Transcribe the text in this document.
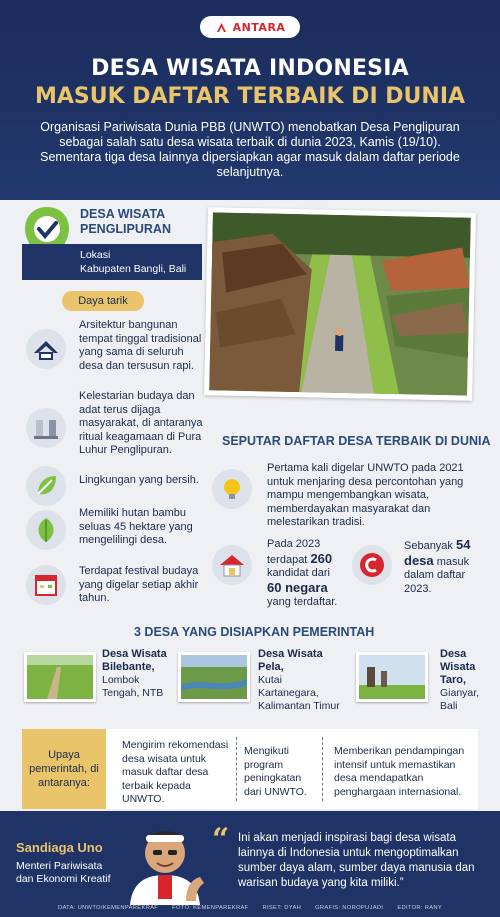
ANTARA
DESA WISATA INDONESIA
MASUK DAFTAR TERBAIK DI DUNIA
Organisasi Pariwisata Dunia PBB (UNWTO) menobatkan Desa Penglipuran sebagai salah satu desa wisata terbaik di dunia 2023, Kamis (19/10). Sementara tiga desa lainnya dipersiapkan agar masuk dalam daftar periode selanjutnya.
DESA WISATA
PENGLIPURAN
Lokasi
Kabupaten Bangli, Bali
Daya tarik
Arsitektur bangunan tempat tinggal tradisional yang sama di seluruh desa dan tersusun rapi.
Kelestarian budaya dan adat terus dijaga masyarakat, di antaranya ritual keagamaan di Pura Luhur Penglipuran.
Lingkungan yang bersih.
Memiliki hutan bambu seluas 45 hektare yang mengelilingi desa.
Terdapat festival budaya yang digelar setiap akhir tahun.
SEPUTAR DAFTAR DESA TERBAIK DI DUNIA
Pertama kali digelar UNWTO pada 2021 untuk menjaring desa percontohan yang mampu mengembangkan wisata, memberdayakan masyarakat dan melestarikan tradisi.
Pada 2023
terdapat 260
kandidat dari
60 negara
yang terdaftar.
Sebanyak 54
desa masuk
dalam daftar
2023.
3 DESA YANG DISIAPKAN PEMERINTAH
Desa Wisata
Bilebante,
Lombok
Tengah, NTB
Desa Wisata
Pela,
Kutai
Kartanegara,
Kalimantan Timur
Desa
Wisata
Taro,
Gianyar,
Bali
Upaya pemerintah, di antaranya:
Mengirim rekomendasi desa wisata untuk masuk daftar desa terbaik kepada UNWTO.
Mengikuti program peningkatan dari UNWTO.
Memberikan pendampingan intensif untuk memastikan desa mendapatkan penghargaan internasional.
Sandiaga Uno
Menteri Pariwisata
dan Ekonomi Kreatif
“ Ini akan menjadi inspirasi bagi desa wisata lainnya di Indonesia untuk mengoptimalkan sumber daya alam, sumber daya manusia dan warisan budaya yang kita miliki.”
DATA: UNWTO/KEMENPAREKRAF FOTO: KEMENPAREKRAF RISET: DYAH GRAFIS: NOROPUJADI EDITOR: RANY
